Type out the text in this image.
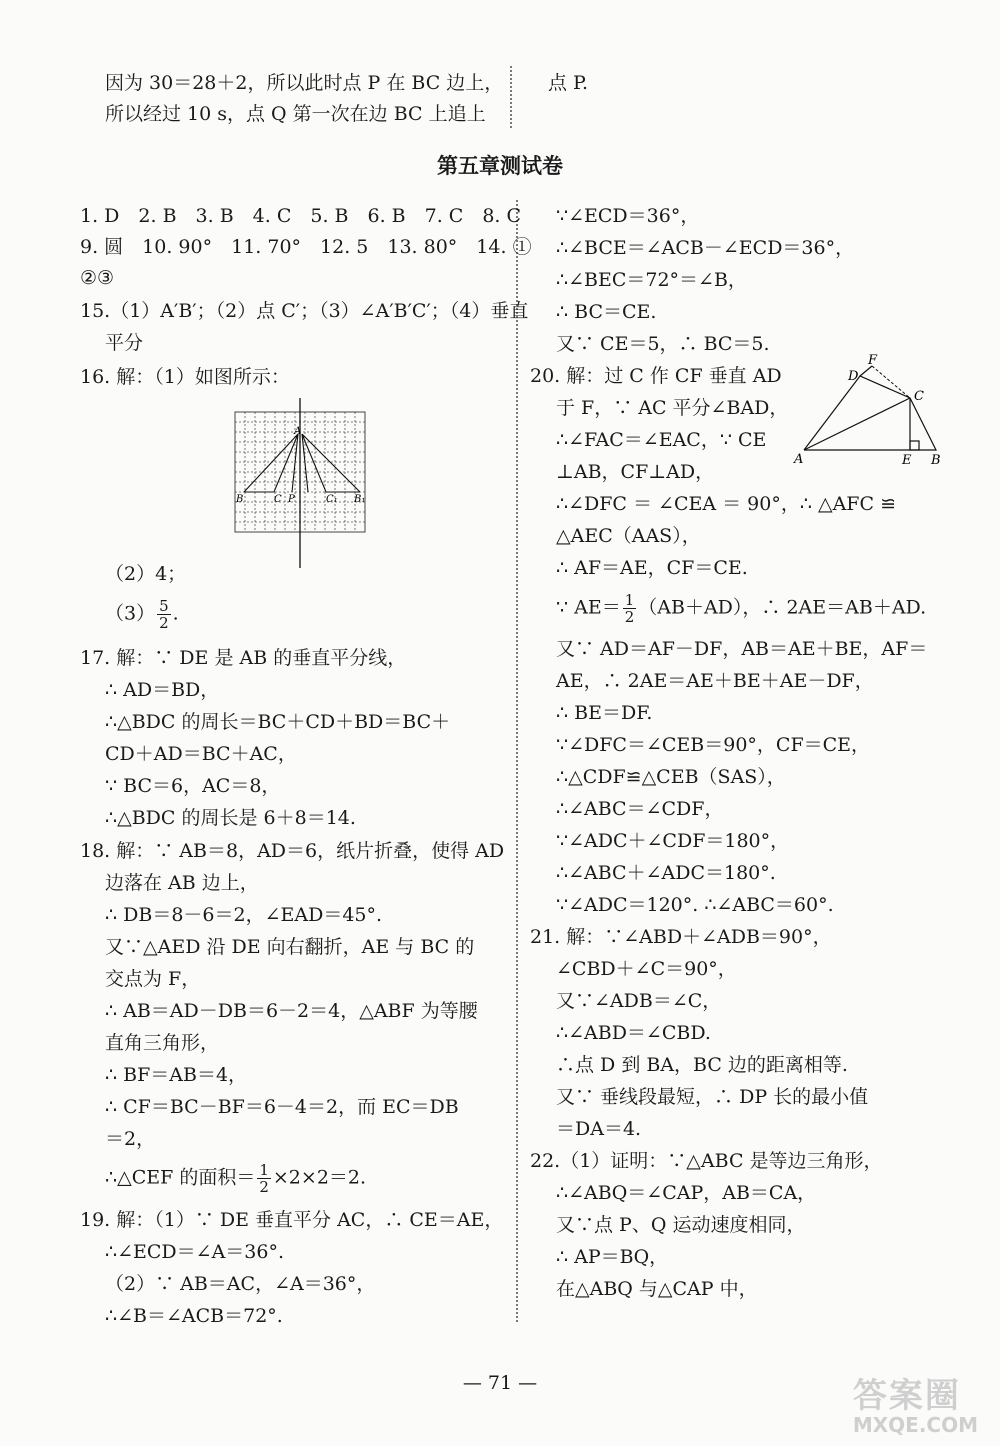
因为 30＝28＋2，所以此时点 P 在 BC 边上，
所以经过 10 s，点 Q 第一次在边 BC 上追上
点 P.
第五章测试卷
1. D　2. B　3. B　4. C　5. B　6. B　7. C　8. C
9. 圆　10. 90°　11. 70°　12. 5　13. 80°　14. ①
②③
15.（1）A′B′；（2）点 C′；（3）∠A′B′C′；（4）垂直
平分
16. 解：（1）如图所示：
A
B	C P	C₁ B₁
（2）4；
$(3) \frac{5}{2}$ .
17. 解：∵ DE 是 AB 的垂直平分线，
∴ AD＝BD，
∴△BDC 的周长＝BC＋CD＋BD＝BC＋
CD＋AD＝BC＋AC，
∵ BC＝6，AC＝8，
∴△BDC 的周长是 6＋8＝14.
18. 解：∵ AB＝8，AD＝6，纸片折叠，使得 AD
边落在 AB 边上，
∴ DB＝8－6＝2，∠EAD＝45°.
又∵△AED 沿 DE 向右翻折，AE 与 BC 的
交点为 F，
∴ AB＝AD－DB＝6－2＝4，△ABF 为等腰
直角三角形，
∴ BF＝AB＝4，
∴ CF＝BC－BF＝6－4＝2，而 EC＝DB
＝2，
∴△CEF 的面积＝ $\frac{1}{2} \times 2\times 2=2$.
19. 解：（1）∵ DE 垂直平分 AC，∴ CE＝AE，
∴∠ECD＝∠A＝36°.
（2）∵ AB＝AC，∠A＝36°，
∴∠B＝∠ACB＝72°.
∵∠ECD＝36°，
∴∠BCE＝∠ACB－∠ECD＝36°，
∴∠BEC＝72°＝∠B，
∴ BC＝CE.
又∵ CE＝5，∴ BC＝5.
20. 解：过 C 作 CF 垂直 AD
于 F，∵ AC 平分∠BAD，
∴∠FAC＝∠EAC，∵ CE
⊥AB，CF⊥AD，
F
D
C
A	E B
∴∠DFC ＝ ∠CEA ＝ 90°，∴ △AFC ≌
△AEC（AAS），
∴ AF＝AE，CF＝CE.
∵ $AE= \frac{1}{2} (AB+AD)$，∴ 2AE＝AB＋AD.
又∵ AD＝AF－DF，AB＝AE＋BE，AF＝
AE，∴ 2AE＝AE＋BE＋AE－DF，
∴ BE＝DF.
∵∠DFC＝∠CEB＝90°，CF＝CE，
∴△CDF≌△CEB（SAS），
∴∠ABC＝∠CDF，
∵∠ADC＋∠CDF＝180°，
∴∠ABC＋∠ADC＝180°.
∵∠ADC＝120°. ∴∠ABC＝60°.
21. 解：∵∠ABD＋∠ADB＝90°，
∠CBD＋∠C＝90°，
又∵∠ADB＝∠C，
∴∠ABD＝∠CBD.
∴点 D 到 BA，BC 边的距离相等.
又∵ 垂线段最短，∴ DP 长的最小值
＝DA＝4.
22.（1）证明：∵△ABC 是等边三角形，
∴∠ABQ＝∠CAP，AB＝CA，
又∵点 P、Q 运动速度相同，
∴ AP＝BQ，
在△ABQ 与△CAP 中，
— 71 —	答案圈
MXQE.COM
